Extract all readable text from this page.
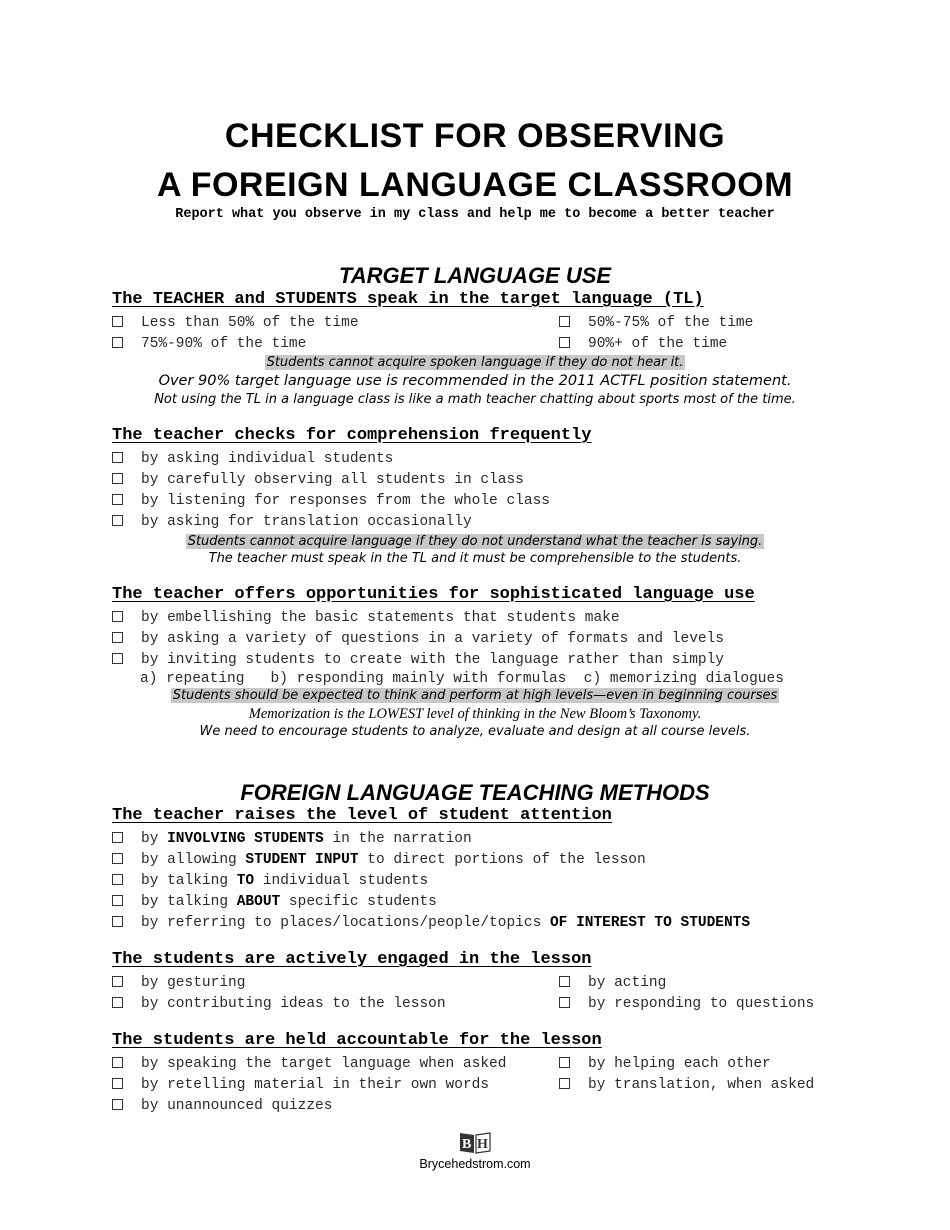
CHECKLIST FOR OBSERVING
A FOREIGN LANGUAGE CLASSROOM
Report what you observe in my class and help me to become a better teacher
TARGET LANGUAGE USE
The TEACHER and STUDENTS speak in the target language (TL)
Less than 50% of the time	50%-75% of the time
75%-90% of the time	90%+ of the time
Students cannot acquire spoken language if they do not hear it.
Over 90% target language use is recommended in the 2011 ACTFL position statement.
Not using the TL in a language class is like a math teacher chatting about sports most of the time.
The teacher checks for comprehension frequently
by asking individual students
by carefully observing all students in class
by listening for responses from the whole class
by asking for translation occasionally
Students cannot acquire language if they do not understand what the teacher is saying.
The teacher must speak in the TL and it must be comprehensible to the students.
The teacher offers opportunities for sophisticated language use
by embellishing the basic statements that students make
by asking a variety of questions in a variety of formats and levels
by inviting students to create with the language rather than simply
a) repeating   b) responding mainly with formulas  c) memorizing dialogues
Students should be expected to think and perform at high levels—even in beginning courses
Memorization is the LOWEST level of thinking in the New Bloom’s Taxonomy.
We need to encourage students to analyze, evaluate and design at all course levels.
FOREIGN LANGUAGE TEACHING METHODS
The teacher raises the level of student attention
by INVOLVING STUDENTS in the narration
by allowing STUDENT INPUT to direct portions of the lesson
by talking TO individual students
by talking ABOUT specific students
by referring to places/locations/people/topics OF INTEREST TO STUDENTS
The students are actively engaged in the lesson
by gesturing	by acting
by contributing ideas to the lesson	by responding to questions
The students are held accountable for the lesson
by speaking the target language when asked	by helping each other
by retelling material in their own words	by translation, when asked
by unannounced quizzes
B H
Brycehedstrom.com
